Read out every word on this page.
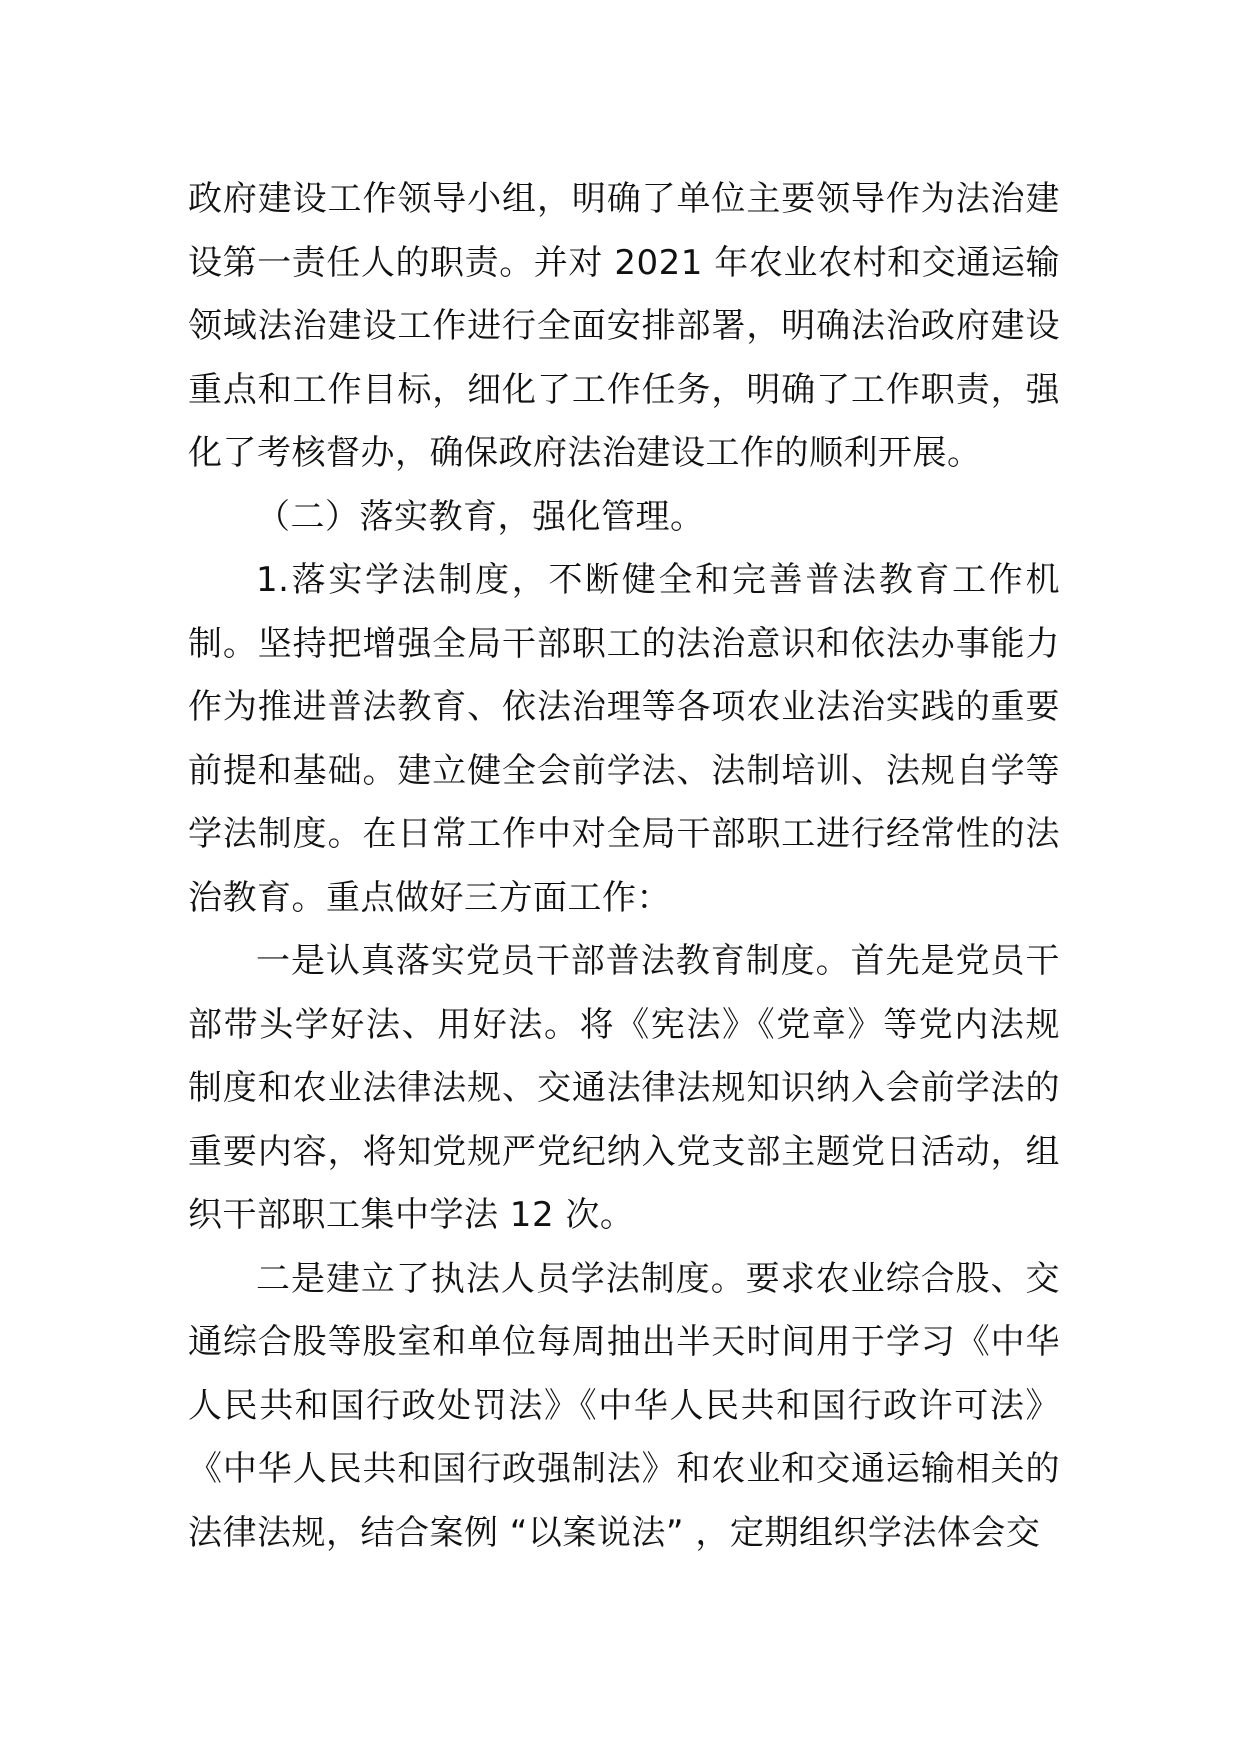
政府建设工作领导小组，明确了单位主要领导作为法治建设第一责任人的职责。并对 2021 年农业农村和交通运输领域法治建设工作进行全面安排部署，明确法治政府建设重点和工作目标，细化了工作任务，明确了工作职责，强化了考核督办，确保政府法治建设工作的顺利开展。

（二）落实教育，强化管理。

1.落实学法制度，不断健全和完善普法教育工作机制。坚持把增强全局干部职工的法治意识和依法办事能力作为推进普法教育、依法治理等各项农业法治实践的重要前提和基础。建立健全会前学法、法制培训、法规自学等学法制度。在日常工作中对全局干部职工进行经常性的法治教育。重点做好三方面工作：

一是认真落实党员干部普法教育制度。首先是党员干部带头学好法、用好法。将《宪法》《党章》等党内法规制度和农业法律法规、交通法律法规知识纳入会前学法的重要内容，将知党规严党纪纳入党支部主题党日活动，组织干部职工集中学法 12 次。

二是建立了执法人员学法制度。要求农业综合股、交通综合股等股室和单位每周抽出半天时间用于学习《中华人民共和国行政处罚法》《中华人民共和国行政许可法》《中华人民共和国行政强制法》和农业和交通运输相关的法律法规，结合案例 “以案说法” ，定期组织学法体会交
